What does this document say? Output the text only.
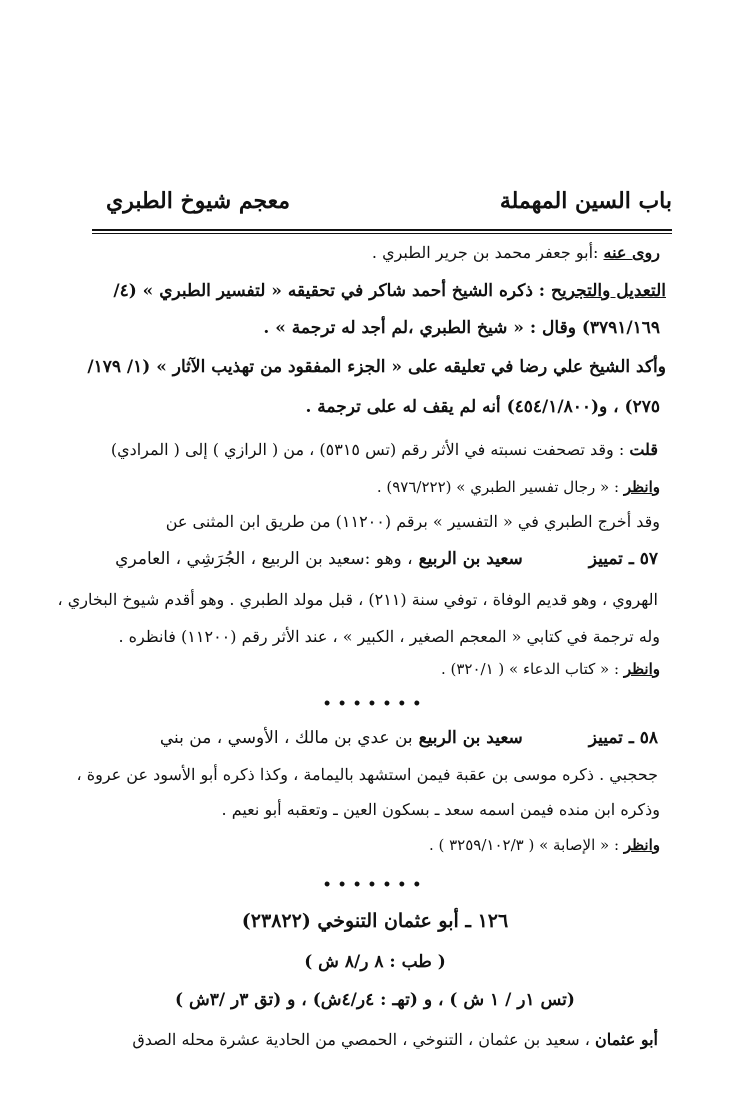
باب السين المهملة
معجم شيوخ الطبري
روى عنه :أبو جعفر محمد بن جرير الطبري .
التعديل والتجريح : ذكره الشيخ أحمد شاكر في تحقيقه « لتفسير الطبري » (٤/
٣٧٩١/١٦٩) وقال : « شيخ الطبري ،لم أجد له ترجمة » .
وأكد الشيخ علي رضا في تعليقه على « الجزء المفقود من تهذيب الآثار » (١/ ١٧٩/
٢٧٥) ، و(٤٥٤/١/٨٠٠) أنه لم يقف له على ترجمة .
قلت : وقد تصحفت نسبته في الأثر رقم (تس ٥٣١٥) ، من ( الرازي ) إلى ( المرادي)
وانظر : « رجال تفسير الطبري » (٩٧٦/٢٢٢) .
وقد أخرج الطبري في « التفسير » برقم (١١٢٠٠) من طريق ابن المثنى عن
٥٧ ـ تمييز سعيد بن الربيع ، وهو :سعيد بن الربيع ، الجُرَشِي ، العامري
الهروي ، وهو قديم الوفاة ، توفي سنة (٢١١) ، قبل مولد الطبري . وهو أقدم شيوخ البخاري ،
وله ترجمة في كتابي « المعجم الصغير ، الكبير » ، عند الأثر رقم (١١٢٠٠) فانظره .
وانظر : « كتاب الدعاء » ( ٣٢٠/١) .
•••••••
٥٨ ـ تمييز سعيد بن الربيع بن عدي بن مالك ، الأوسي ، من بني
جحجبي . ذكره موسى بن عقبة فيمن استشهد باليمامة ، وكذا ذكره أبو الأسود عن عروة ،
وذكره ابن منده فيمن اسمه سعد ـ بسكون العين ـ وتعقبه أبو نعيم .
وانظر : « الإصابة » ( ٣٢٥٩/١٠٢/٣ ) .
•••••••
١٢٦ ـ أبو عثمان التنوخي (٢٣٨٢٢)
( طب : ٨ ر/٨ ش )
(تس ١ر / ١ ش ) ، و (تهـ : ٤ر/٤ش) ، و (تق ٣ر /٣ش )
أبو عثمان ، سعيد بن عثمان ، التنوخي ، الحمصي من الحادية عشرة محله الصدق
